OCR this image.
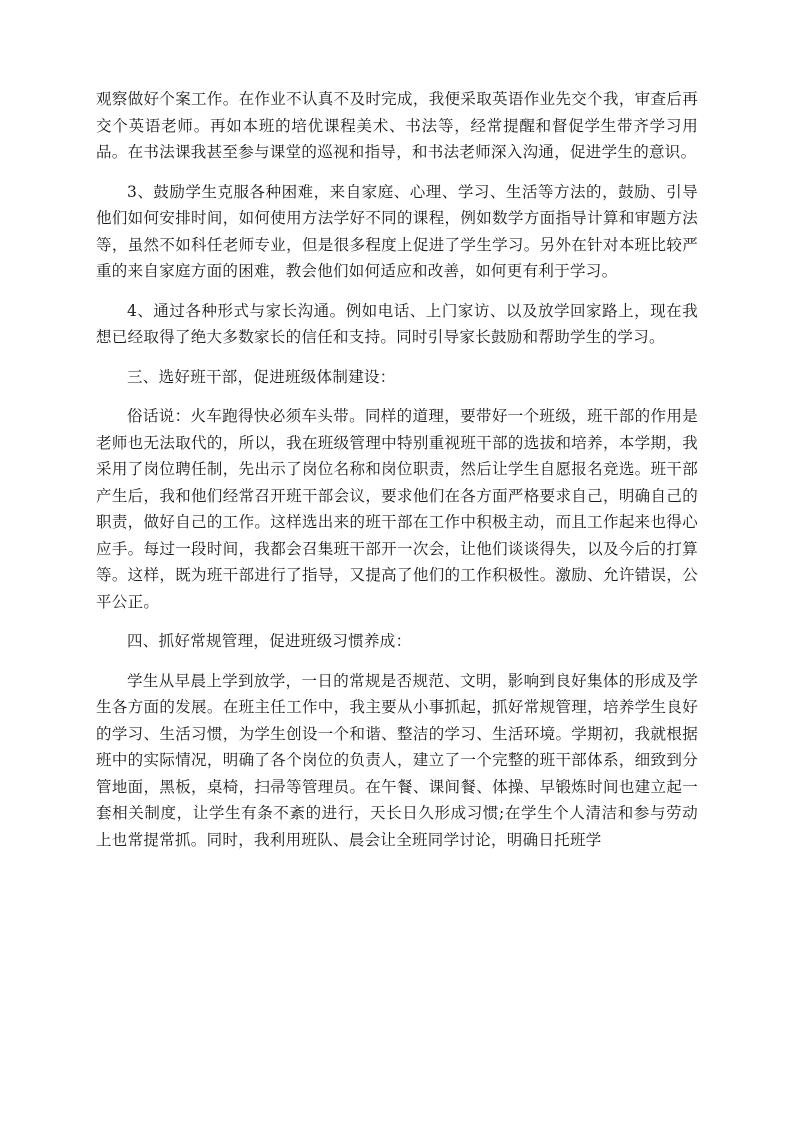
观察做好个案工作。在作业不认真不及时完成，我便采取英语作业先交个我，审查后再交个英语老师。再如本班的培优课程美术、书法等，经常提醒和督促学生带齐学习用品。在书法课我甚至参与课堂的巡视和指导，和书法老师深入沟通，促进学生的意识。

3、鼓励学生克服各种困难，来自家庭、心理、学习、生活等方法的，鼓励、引导他们如何安排时间，如何使用方法学好不同的课程，例如数学方面指导计算和审题方法等，虽然不如科任老师专业，但是很多程度上促进了学生学习。另外在针对本班比较严重的来自家庭方面的困难，教会他们如何适应和改善，如何更有利于学习。

4、通过各种形式与家长沟通。例如电话、上门家访、以及放学回家路上，现在我想已经取得了绝大多数家长的信任和支持。同时引导家长鼓励和帮助学生的学习。

三、选好班干部，促进班级体制建设：

俗话说：火车跑得快必须车头带。同样的道理，要带好一个班级，班干部的作用是老师也无法取代的，所以，我在班级管理中特别重视班干部的选拔和培养，本学期，我采用了岗位聘任制，先出示了岗位名称和岗位职责，然后让学生自愿报名竞选。班干部产生后，我和他们经常召开班干部会议，要求他们在各方面严格要求自己，明确自己的职责，做好自己的工作。这样选出来的班干部在工作中积极主动，而且工作起来也得心应手。每过一段时间，我都会召集班干部开一次会，让他们谈谈得失，以及今后的打算等。这样，既为班干部进行了指导，又提高了他们的工作积极性。激励、允许错误，公平公正。

四、抓好常规管理，促进班级习惯养成：

学生从早晨上学到放学，一日的常规是否规范、文明，影响到良好集体的形成及学生各方面的发展。在班主任工作中，我主要从小事抓起，抓好常规管理，培养学生良好的学习、生活习惯，为学生创设一个和谐、整洁的学习、生活环境。学期初，我就根据班中的实际情况，明确了各个岗位的负责人，建立了一个完整的班干部体系，细致到分管地面，黑板，桌椅，扫帚等管理员。在午餐、课间餐、体操、早锻炼时间也建立起一套相关制度，让学生有条不紊的进行，天长日久形成习惯;在学生个人清洁和参与劳动上也常提常抓。同时，我利用班队、晨会让全班同学讨论，明确日托班学
